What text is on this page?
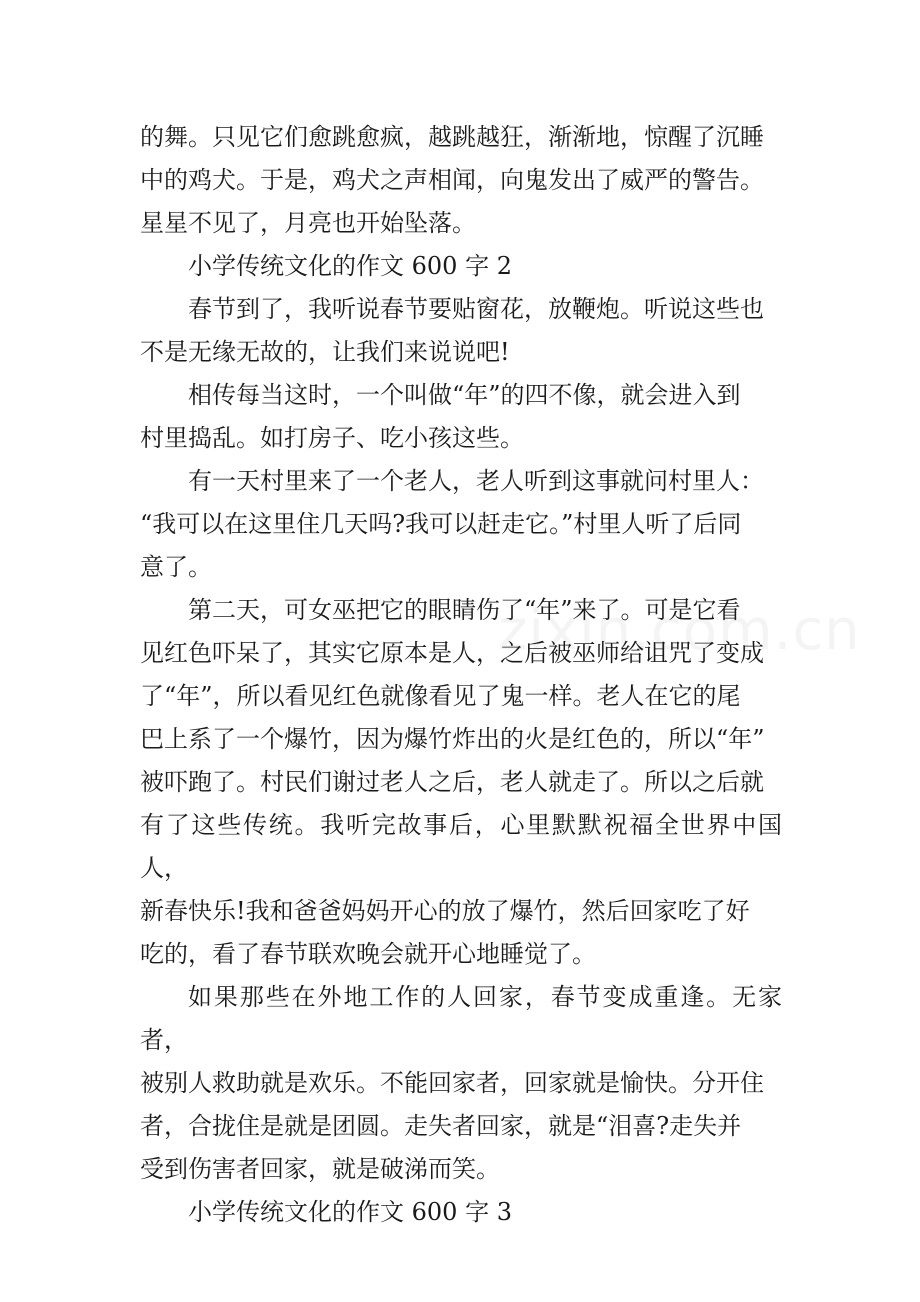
的舞。只见它们愈跳愈疯，越跳越狂，渐渐地，惊醒了沉睡
中的鸡犬。于是，鸡犬之声相闻，向鬼发出了威严的警告。
星星不见了，月亮也开始坠落。

小学传统文化的作文 600 字 2

春节到了，我听说春节要贴窗花，放鞭炮。听说这些也
不是无缘无故的，让我们来说说吧!

相传每当这时，一个叫做“年”的四不像，就会进入到
村里捣乱。如打房子、吃小孩这些。

有一天村里来了一个老人，老人听到这事就问村里人：
“我可以在这里住几天吗?我可以赶走它。”村里人听了后同
意了。

第二天，可女巫把它的眼睛伤了“年”来了。可是它看
见红色吓呆了，其实它原本是人，之后被巫师给诅咒了变成
了“年”，所以看见红色就像看见了鬼一样。老人在它的尾
巴上系了一个爆竹，因为爆竹炸出的火是红色的，所以“年”
被吓跑了。村民们谢过老人之后，老人就走了。所以之后就
有了这些传统。我听完故事后，心里默默祝福全世界中国人，
新春快乐!我和爸爸妈妈开心的放了爆竹，然后回家吃了好
吃的，看了春节联欢晚会就开心地睡觉了。

如果那些在外地工作的人回家，春节变成重逢。无家者，
被别人救助就是欢乐。不能回家者，回家就是愉快。分开住
者，合拢住是就是团圆。走失者回家，就是“泪喜?走失并
受到伤害者回家，就是破涕而笑。

小学传统文化的作文 600 字 3
